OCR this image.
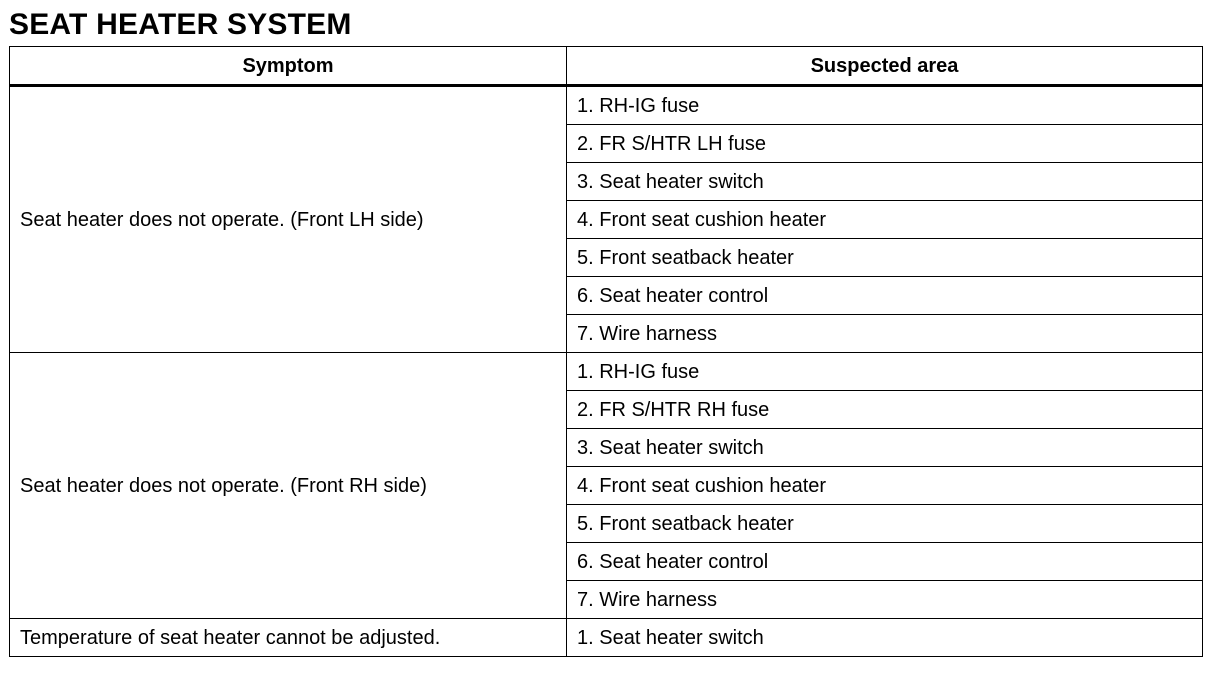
SEAT HEATER SYSTEM
Symptom	Suspected area
Seat heater does not operate. (Front LH side)	1. RH-IG fuse
	2. FR S/HTR LH fuse
	3. Seat heater switch
	4. Front seat cushion heater
	5. Front seatback heater
	6. Seat heater control
	7. Wire harness
Seat heater does not operate. (Front RH side)	1. RH-IG fuse
	2. FR S/HTR RH fuse
	3. Seat heater switch
	4. Front seat cushion heater
	5. Front seatback heater
	6. Seat heater control
	7. Wire harness
Temperature of seat heater cannot be adjusted.	1. Seat heater switch
